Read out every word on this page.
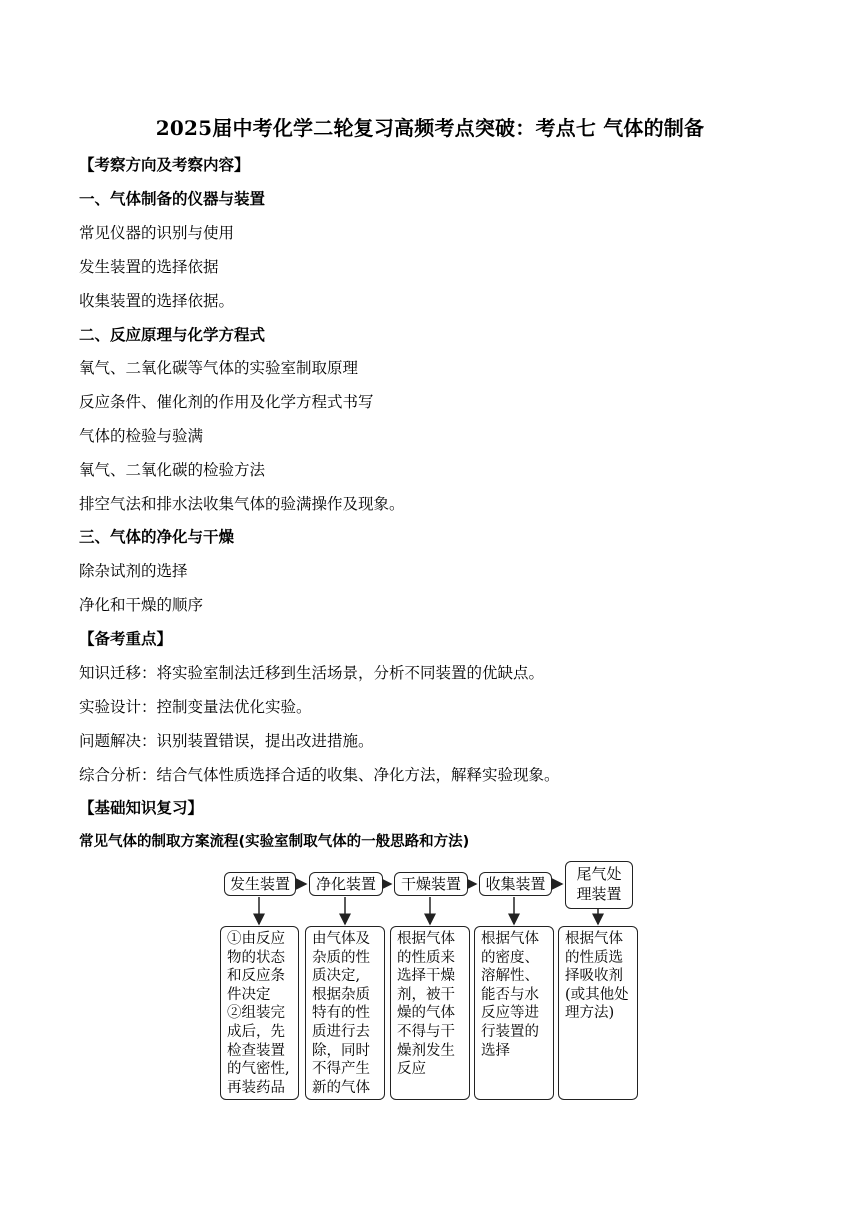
2025届中考化学二轮复习高频考点突破：考点七 气体的制备
【考察方向及考察内容】
一、气体制备的仪器与装置
常见仪器的识别与使用
发生装置的选择依据
收集装置的选择依据。
二、反应原理与化学方程式
氧气、二氧化碳等气体的实验室制取原理
反应条件、催化剂的作用及化学方程式书写
气体的检验与验满
氧气、二氧化碳的检验方法
排空气法和排水法收集气体的验满操作及现象。
三、气体的净化与干燥
除杂试剂的选择
净化和干燥的顺序
【备考重点】
知识迁移：将实验室制法迁移到生活场景，分析不同装置的优缺点。
实验设计：控制变量法优化实验。
问题解决：识别装置错误，提出改进措施。
综合分析：结合气体性质选择合适的收集、净化方法，解释实验现象。
【基础知识复习】
常见气体的制取方案流程(实验室制取气体的一般思路和方法)
发生装置	净化装置	干燥装置	收集装置
尾气处
理装置
①由反应
物的状态
和反应条
件决定
②组装完
成后，先
检查装置
的气密性,
再装药品
由气体及
杂质的性
质决定,
根据杂质
特有的性
质进行去
除，同时
不得产生
新的气体
根据气体
的性质来
选择干燥
剂，被干
燥的气体
不得与干
燥剂发生
反应
根据气体
的密度、
溶解性、
能否与水
反应等进
行装置的
选择
根据气体
的性质选
择吸收剂
(或其他处
理方法)
